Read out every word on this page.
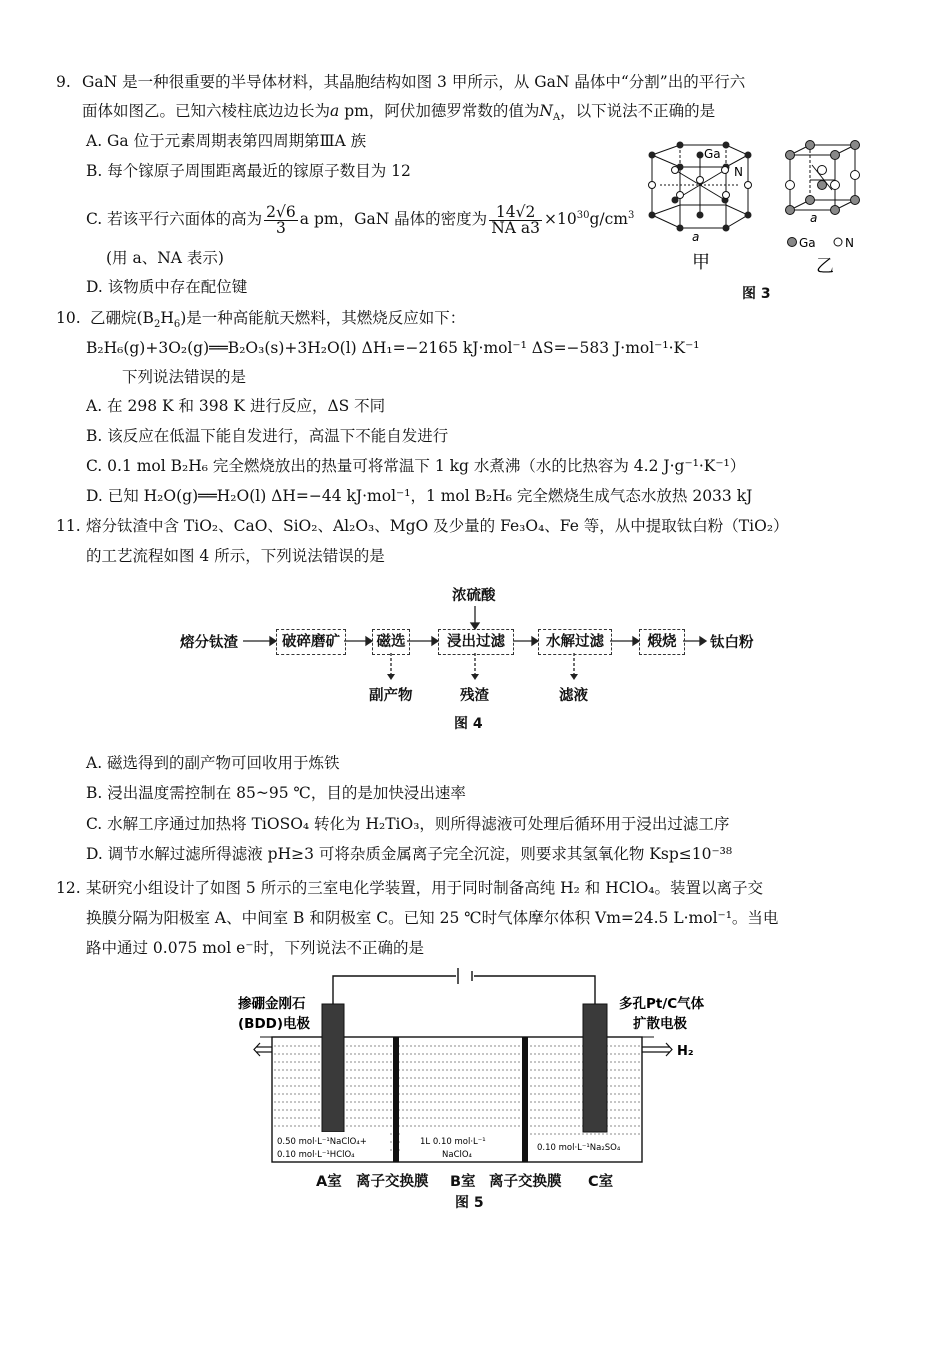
9. GaN 是一种很重要的半导体材料，其晶胞结构如图 3 甲所示，从 GaN 晶体中“分割”出的平行六
面体如图乙。已知六棱柱底边边长为a pm，阿伏加德罗常数的值为$N_A$，以下说法不正确的是
A. Ga 位于元素周期表第四周期第ⅢA 族
B. 每个镓原子周围距离最近的镓原子数目为 12
C. 若该平行六面体的高为 $\frac{2√6}{3}$ a pm，GaN 晶体的密度为 $\frac{14√2}{\text{NA a3}} \times 10^{30}g/cm^3$
(用 a、NA 表示)
D. 该物质中存在配位键
Ga
N
a
a
Ga N
甲	乙
图 3
10. 乙硼烷$(B_2H_6)$是一种高能航天燃料，其燃烧反应如下：
B₂H₆(g)+3O₂(g)══B₂O₃(s)+3H₂O(l) ΔH₁=−2165 kJ·mol⁻¹ ΔS=−583 J·mol⁻¹·K⁻¹
下列说法错误的是
A. 在 298 K 和 398 K 进行反应，ΔS 不同
B. 该反应在低温下能自发进行，高温下不能自发进行
C. 0.1 mol B₂H₆ 完全燃烧放出的热量可将常温下 1 kg 水煮沸（水的比热容为 4.2 J·g⁻¹·K⁻¹）
D. 已知 H₂O(g)══H₂O(l) ΔH=−44 kJ·mol⁻¹，1 mol B₂H₆ 完全燃烧生成气态水放热 2033 kJ
11. 熔分钛渣中含 TiO₂、CaO、SiO₂、Al₂O₃、MgO 及少量的 Fe₃O₄、Fe 等，从中提取钛白粉（TiO₂）
的工艺流程如图 4 所示，下列说法错误的是
熔分钛渣	破碎磨矿	磁选	浸出过滤	水解过滤	煅烧	钛白粉
浓硫酸
副产物	残渣	滤液
图 4
A. 磁选得到的副产物可回收用于炼铁
B. 浸出温度需控制在 85~95 ℃，目的是加快浸出速率
C. 水解工序通过加热将 TiOSO₄ 转化为 H₂TiO₃，则所得滤液可处理后循环用于浸出过滤工序
D. 调节水解过滤所得滤液 pH≥3 可将杂质金属离子完全沉淀，则要求其氢氧化物 Ksp≤10⁻³⁸
12. 某研究小组设计了如图 5 所示的三室电化学装置，用于同时制备高纯 H₂ 和 HClO₄。装置以离子交
换膜分隔为阳极室 A、中间室 B 和阴极室 C。已知 25 ℃时气体摩尔体积 Vm=24.5 L·mol⁻¹。当电
路中通过 0.075 mol e⁻时，下列说法不正确的是
H₂
掺硼金刚石
(BDD)电极
多孔Pt/C气体
扩散电极
0.50 mol·L⁻¹NaClO₄+
0.10 mol·L⁻¹HClO₄
1L 0.10 mol·L⁻¹
NaClO₄
0.10 mol·L⁻¹Na₂SO₄
A室 离子交换膜 B室 离子交换膜 C室
图 5
